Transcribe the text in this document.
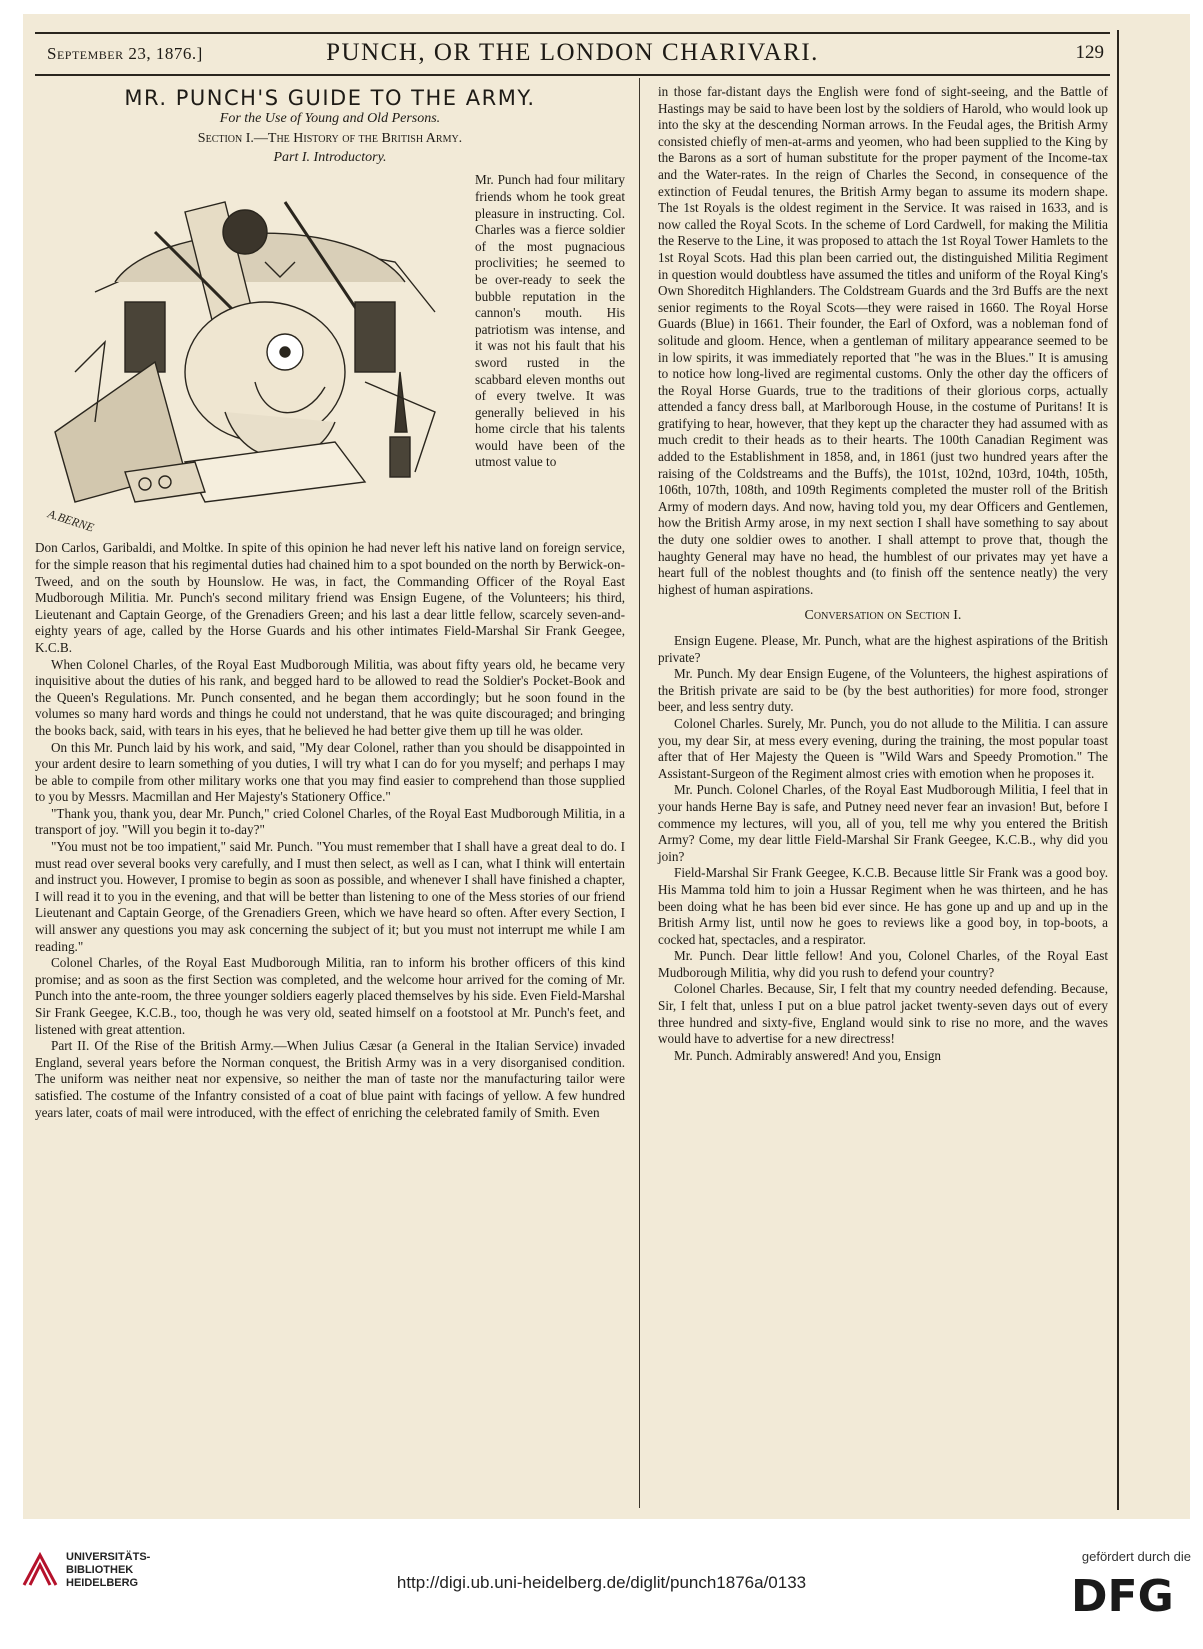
September 23, 1876.]	PUNCH, OR THE LONDON CHARIVARI.	129
MR. PUNCH'S GUIDE TO THE ARMY.
For the Use of Young and Old Persons.
Section I.—The History of the British Army.
Part I. Introductory.
A.BERNE
Mr. Punch had four military friends whom he took great pleasure in instructing. Col. Charles was a fierce soldier of the most pugnacious proclivities; he seemed to be over-ready to seek the bubble reputation in the cannon's mouth. His patriotism was intense, and it was not his fault that his sword rusted in the scabbard eleven months out of every twelve. It was generally believed in his home circle that his talents would have been of the utmost value to

Don Carlos, Garibaldi, and Moltke. In spite of this opinion he had never left his native land on foreign service, for the simple reason that his regimental duties had chained him to a spot bounded on the north by Berwick-on-Tweed, and on the south by Hounslow. He was, in fact, the Commanding Officer of the Royal East Mudborough Militia. Mr. Punch's second military friend was Ensign Eugene, of the Volunteers; his third, Lieutenant and Captain George, of the Grenadiers Green; and his last a dear little fellow, scarcely seven-and-eighty years of age, called by the Horse Guards and his other intimates Field-Marshal Sir Frank Geegee, K.C.B.

When Colonel Charles, of the Royal East Mudborough Militia, was about fifty years old, he became very inquisitive about the duties of his rank, and begged hard to be allowed to read the Soldier's Pocket-Book and the Queen's Regulations. Mr. Punch consented, and he began them accordingly; but he soon found in the volumes so many hard words and things he could not understand, that he was quite discouraged; and bringing the books back, said, with tears in his eyes, that he believed he had better give them up till he was older.

On this Mr. Punch laid by his work, and said, "My dear Colonel, rather than you should be disappointed in your ardent desire to learn something of you duties, I will try what I can do for you myself; and perhaps I may be able to compile from other military works one that you may find easier to comprehend than those supplied to you by Messrs. Macmillan and Her Majesty's Stationery Office."

"Thank you, thank you, dear Mr. Punch," cried Colonel Charles, of the Royal East Mudborough Militia, in a transport of joy. "Will you begin it to-day?"

"You must not be too impatient," said Mr. Punch. "You must remember that I shall have a great deal to do. I must read over several books very carefully, and I must then select, as well as I can, what I think will entertain and instruct you. However, I promise to begin as soon as possible, and whenever I shall have finished a chapter, I will read it to you in the evening, and that will be better than listening to one of the Mess stories of our friend Lieutenant and Captain George, of the Grenadiers Green, which we have heard so often. After every Section, I will answer any questions you may ask concerning the subject of it; but you must not interrupt me while I am reading."

Colonel Charles, of the Royal East Mudborough Militia, ran to inform his brother officers of this kind promise; and as soon as the first Section was completed, and the welcome hour arrived for the coming of Mr. Punch into the ante-room, the three younger soldiers eagerly placed themselves by his side. Even Field-Marshal Sir Frank Geegee, K.C.B., too, though he was very old, seated himself on a footstool at Mr. Punch's feet, and listened with great attention.

Part II. Of the Rise of the British Army.—When Julius Cæsar (a General in the Italian Service) invaded England, several years before the Norman conquest, the British Army was in a very disorganised condition. The uniform was neither neat nor expensive, so neither the man of taste nor the manufacturing tailor were satisfied. The costume of the Infantry consisted of a coat of blue paint with facings of yellow. A few hundred years later, coats of mail were introduced, with the effect of enriching the celebrated family of Smith. Even

in those far-distant days the English were fond of sight-seeing, and the Battle of Hastings may be said to have been lost by the soldiers of Harold, who would look up into the sky at the descending Norman arrows. In the Feudal ages, the British Army consisted chiefly of men-at-arms and yeomen, who had been supplied to the King by the Barons as a sort of human substitute for the proper payment of the Income-tax and the Water-rates. In the reign of Charles the Second, in consequence of the extinction of Feudal tenures, the British Army began to assume its modern shape. The 1st Royals is the oldest regiment in the Service. It was raised in 1633, and is now called the Royal Scots. In the scheme of Lord Cardwell, for making the Militia the Reserve to the Line, it was proposed to attach the 1st Royal Tower Hamlets to the 1st Royal Scots. Had this plan been carried out, the distinguished Militia Regiment in question would doubtless have assumed the titles and uniform of the Royal King's Own Shoreditch Highlanders. The Coldstream Guards and the 3rd Buffs are the next senior regiments to the Royal Scots—they were raised in 1660. The Royal Horse Guards (Blue) in 1661. Their founder, the Earl of Oxford, was a nobleman fond of solitude and gloom. Hence, when a gentleman of military appearance seemed to be in low spirits, it was immediately reported that "he was in the Blues." It is amusing to notice how long-lived are regimental customs. Only the other day the officers of the Royal Horse Guards, true to the traditions of their glorious corps, actually attended a fancy dress ball, at Marlborough House, in the costume of Puritans! It is gratifying to hear, however, that they kept up the character they had assumed with as much credit to their heads as to their hearts. The 100th Canadian Regiment was added to the Establishment in 1858, and, in 1861 (just two hundred years after the raising of the Coldstreams and the Buffs), the 101st, 102nd, 103rd, 104th, 105th, 106th, 107th, 108th, and 109th Regiments completed the muster roll of the British Army of modern days. And now, having told you, my dear Officers and Gentlemen, how the British Army arose, in my next section I shall have something to say about the duty one soldier owes to another. I shall attempt to prove that, though the haughty General may have no head, the humblest of our privates may yet have a heart full of the noblest thoughts and (to finish off the sentence neatly) the very highest of human aspirations.

Conversation on Section I.

Ensign Eugene. Please, Mr. Punch, what are the highest aspirations of the British private?

Mr. Punch. My dear Ensign Eugene, of the Volunteers, the highest aspirations of the British private are said to be (by the best authorities) for more food, stronger beer, and less sentry duty.

Colonel Charles. Surely, Mr. Punch, you do not allude to the Militia. I can assure you, my dear Sir, at mess every evening, during the training, the most popular toast after that of Her Majesty the Queen is "Wild Wars and Speedy Promotion." The Assistant-Surgeon of the Regiment almost cries with emotion when he proposes it.

Mr. Punch. Colonel Charles, of the Royal East Mudborough Militia, I feel that in your hands Herne Bay is safe, and Putney need never fear an invasion! But, before I commence my lectures, will you, all of you, tell me why you entered the British Army? Come, my dear little Field-Marshal Sir Frank Geegee, K.C.B., why did you join?

Field-Marshal Sir Frank Geegee, K.C.B. Because little Sir Frank was a good boy. His Mamma told him to join a Hussar Regiment when he was thirteen, and he has been doing what he has been bid ever since. He has gone up and up and up in the British Army list, until now he goes to reviews like a good boy, in top-boots, a cocked hat, spectacles, and a respirator.

Mr. Punch. Dear little fellow! And you, Colonel Charles, of the Royal East Mudborough Militia, why did you rush to defend your country?

Colonel Charles. Because, Sir, I felt that my country needed defending. Because, Sir, I felt that, unless I put on a blue patrol jacket twenty-seven days out of every three hundred and sixty-five, England would sink to rise no more, and the waves would have to advertise for a new directress!

Mr. Punch. Admirably answered! And you, Ensign

UNIVERSITÄTS-
BIBLIOTHEK
HEIDELBERG	http://digi.ub.uni-heidelberg.de/diglit/punch1876a/0133
gefördert durch die
DFG
